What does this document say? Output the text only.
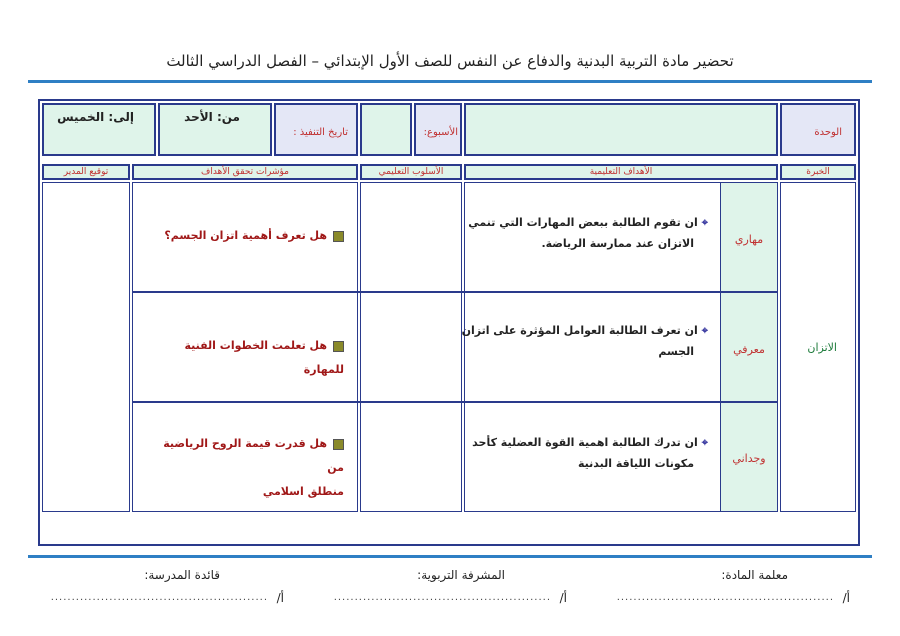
تحضير مادة التربية البدنية والدفاع عن النفس للصف الأول الإبتدائي – الفصل الدراسي الثالث
الوحدة
الأسبوع:
تاريخ التنفيذ :
من: الأحد
إلى: الخميس
الخبرة
الأهداف التعليمية
الأسلوب التعليمي
مؤشرات تحقق الأهداف
توقيع المدير
الاتزان
مهاري
⌖ان تقوم الطالبة ببعض المهارات التي تنمي
الاتزان عند ممارسة الرياضة.
هل تعرف أهمية اتزان الجسم؟
معرفي
⌖ان تعرف الطالبة العوامل المؤثرة على اتزان
الجسم
هل تعلمت الخطوات الفنية للمهارة
وجداني
⌖ان تدرك الطالبة اهمية القوة العضلية كأحد
مكونات اللياقة البدنية
هل قدرت قيمة الروح الرياضية من
منطلق اسلامي
معلمة المادة:
المشرفة التربوية:
قائدة المدرسة:
أ/
....................................................
أ/
....................................................
أ/
....................................................
